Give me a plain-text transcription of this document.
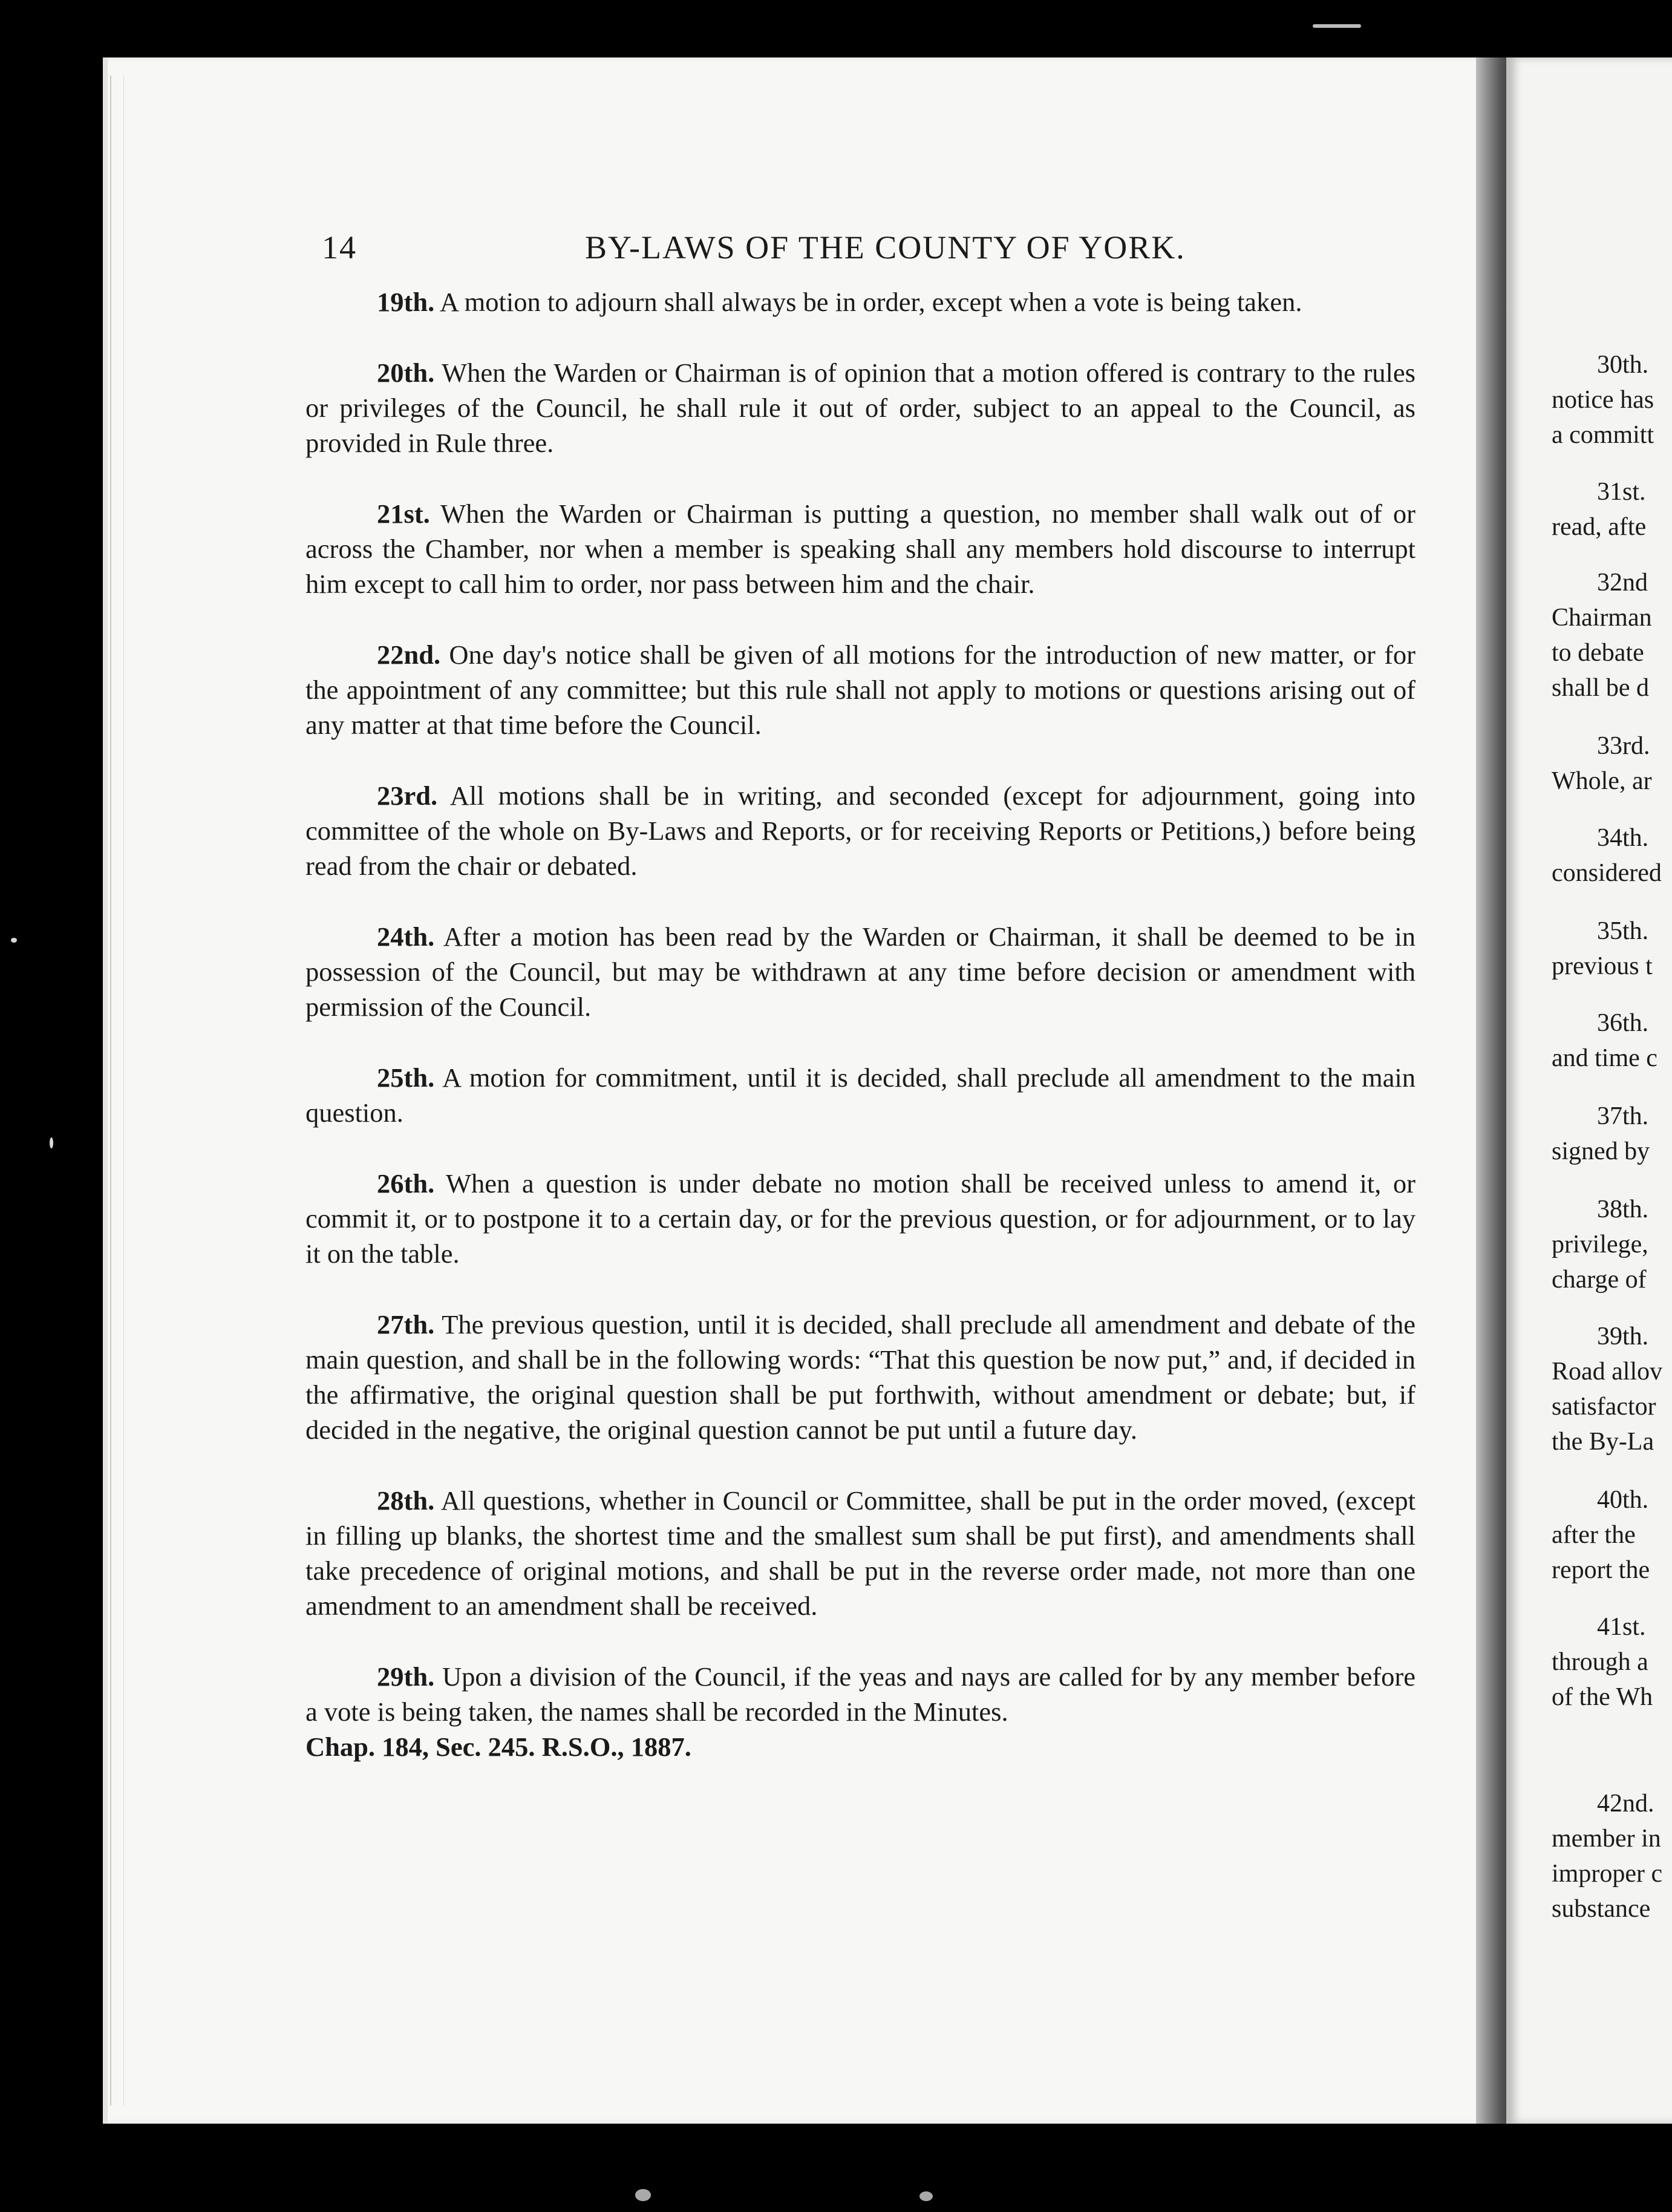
14	BY-LAWS OF THE COUNTY OF YORK.

19th. A motion to adjourn shall always be in order, except when a vote is being taken.

20th. When the Warden or Chairman is of opinion that a motion offered is contrary to the rules or privileges of the Council, he shall rule it out of order, subject to an appeal to the Council, as provided in Rule three.

21st. When the Warden or Chairman is putting a question, no member shall walk out of or across the Chamber, nor when a member is speaking shall any members hold discourse to interrupt him except to call him to order, nor pass between him and the chair.

22nd. One day's notice shall be given of all motions for the introduction of new matter, or for the appointment of any committee; but this rule shall not apply to motions or questions arising out of any matter at that time before the Council.

23rd. All motions shall be in writing, and seconded (except for adjournment, going into committee of the whole on By-Laws and Reports, or for receiving Reports or Petitions,) before being read from the chair or debated.

24th. After a motion has been read by the Warden or Chairman, it shall be deemed to be in possession of the Council, but may be withdrawn at any time before decision or amendment with permission of the Council.

25th. A motion for commitment, until it is decided, shall preclude all amendment to the main question.

26th. When a question is under debate no motion shall be received unless to amend it, or commit it, or to postpone it to a certain day, or for the previous question, or for adjournment, or to lay it on the table.

27th. The previous question, until it is decided, shall preclude all amendment and debate of the main question, and shall be in the following words: “That this question be now put,” and, if decided in the affirmative, the original question shall be put forthwith, without amendment or debate; but, if decided in the negative, the original question cannot be put until a future day.

28th. All questions, whether in Council or Committee, shall be put in the order moved, (except in filling up blanks, the shortest time and the smallest sum shall be put first), and amendments shall take precedence of original motions, and shall be put in the reverse order made, not more than one amendment to an amendment shall be received.

29th. Upon a division of the Council, if the yeas and nays are called for by any member before a vote is being taken, the names shall be recorded in the Minutes.
Chap. 184, Sec. 245. R.S.O., 1887.

30th.
notice has
a committ
31st.
read, afte
32nd
Chairman
to debate
shall be d
33rd.
Whole, ar
34th.
considered
35th.
previous t
36th.
and time c
37th.
signed by
38th.
privilege,
charge of
39th.
Road allov
satisfactor
the By-La
40th.
after the
report the
41st.
through a
of the Wh
42nd.
member in
improper c
substance
